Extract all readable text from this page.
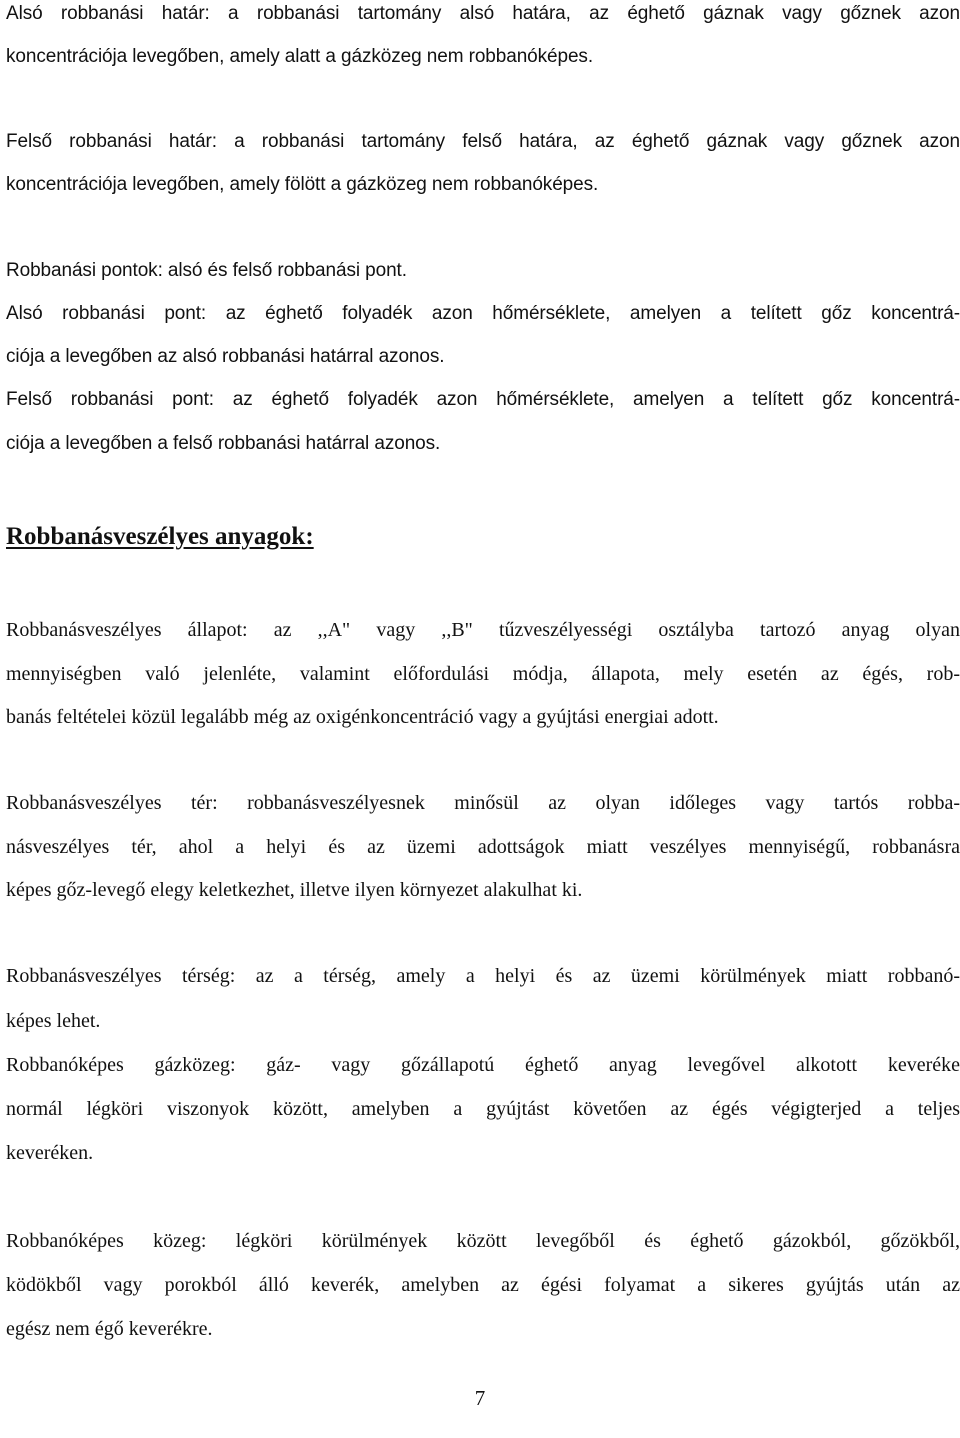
Alsó robbanási határ: a robbanási tartomány alsó határa, az éghető gáznak vagy gőznek azon

koncentrációja levegőben, amely alatt a gázközeg nem robbanóképes.

Felső robbanási határ: a robbanási tartomány felső határa, az éghető gáznak vagy gőznek azon

koncentrációja levegőben, amely fölött a gázközeg nem robbanóképes.

Robbanási pontok: alsó és felső robbanási pont.

Alsó robbanási pont: az éghető folyadék azon hőmérséklete, amelyen a telített gőz koncentrá-

ciója a levegőben az alsó robbanási határral azonos.

Felső robbanási pont: az éghető folyadék azon hőmérséklete, amelyen a telített gőz koncentrá-

ciója a levegőben a felső robbanási határral azonos.

Robbanásveszélyes anyagok:

Robbanásveszélyes állapot: az ,,A" vagy ,,B" tűzveszélyességi osztályba tartozó anyag olyan

mennyiségben való jelenléte, valamint előfordulási módja, állapota, mely esetén az égés, rob-

banás feltételei közül legalább még az oxigénkoncentráció vagy a gyújtási energiai adott.

Robbanásveszélyes tér: robbanásveszélyesnek minősül az olyan időleges vagy tartós robba-

násveszélyes tér, ahol a helyi és az üzemi adottságok miatt veszélyes mennyiségű, robbanásra

képes gőz-levegő elegy keletkezhet, illetve ilyen környezet alakulhat ki.

Robbanásveszélyes térség: az a térség, amely a helyi és az üzemi körülmények miatt robbanó-

képes lehet.

Robbanóképes gázközeg: gáz- vagy gőzállapotú éghető anyag levegővel alkotott keveréke

normál légköri viszonyok között, amelyben a gyújtást követően az égés végigterjed a teljes

keveréken.

Robbanóképes közeg: légköri körülmények között levegőből és éghető gázokból, gőzökből,

ködökből vagy porokból álló keverék, amelyben az égési folyamat a sikeres gyújtás után az

egész nem égő keverékre.

7
